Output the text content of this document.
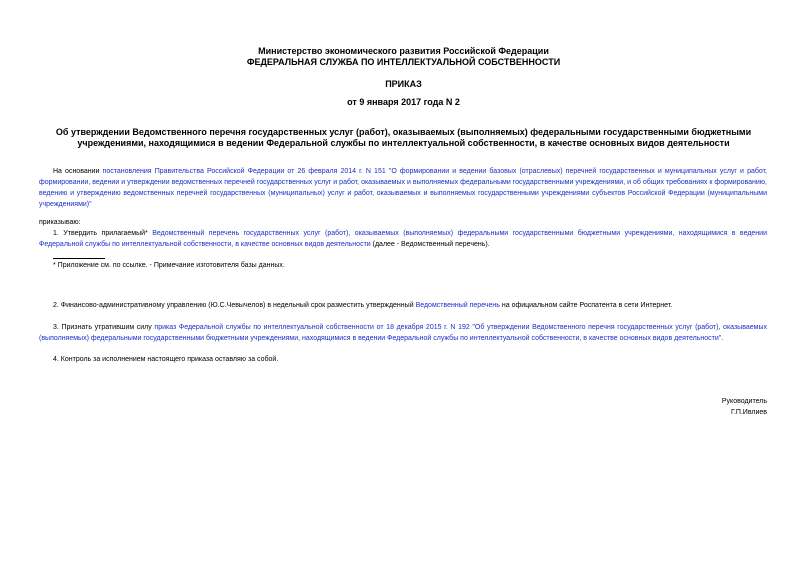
Министерство экономического развития Российской Федерации
ФЕДЕРАЛЬНАЯ СЛУЖБА ПО ИНТЕЛЛЕКТУАЛЬНОЙ СОБСТВЕННОСТИ
ПРИКАЗ
от 9 января 2017 года N 2
Об утверждении Ведомственного перечня государственных услуг (работ), оказываемых (выполняемых) федеральными государственными бюджетными
учреждениями, находящимися в ведении Федеральной службы по интеллектуальной собственности, в качестве основных видов деятельности
На основании постановления Правительства Российской Федерации от 26 февраля 2014 г. N 151 "О формировании и ведении базовых (отраслевых) перечней государственных и муниципальных услуг и работ, формировании, ведении и утверждении ведомственных перечней государственных услуг и работ, оказываемых и выполняемых федеральными государственными учреждениями, и об общих требованиях к формированию, ведению и утверждению ведомственных перечней государственных (муниципальных) услуг и работ, оказываемых и выполняемых государственными учреждениями субъектов Российской Федерации (муниципальными учреждениями)"
приказываю:
1. Утвердить прилагаемый* Ведомственный перечень государственных услуг (работ), оказываемых (выполняемых) федеральными государственными бюджетными учреждениями, находящимися в ведении Федеральной службы по интеллектуальной собственности, в качестве основных видов деятельности (далее - Ведомственный перечень).
* Приложение см. по ссылке. - Примечание изготовителя базы данных.
2. Финансово-административному управлению (Ю.С.Чевычелов) в недельный срок разместить утвержденный Ведомственный перечень на официальном сайте Роспатента в сети Интернет.
3. Признать утратившим силу приказ Федеральной службы по интеллектуальной собственности от 18 декабря 2015 г. N 192 "Об утверждении Ведомственного перечня государственных услуг (работ), оказываемых (выполняемых) федеральными государственными бюджетными учреждениями, находящимися в ведении Федеральной службы по интеллектуальной собственности, в качестве основных видов деятельности".
4. Контроль за исполнением настоящего приказа оставляю за собой.
Руководитель
Г.П.Ивлиев
